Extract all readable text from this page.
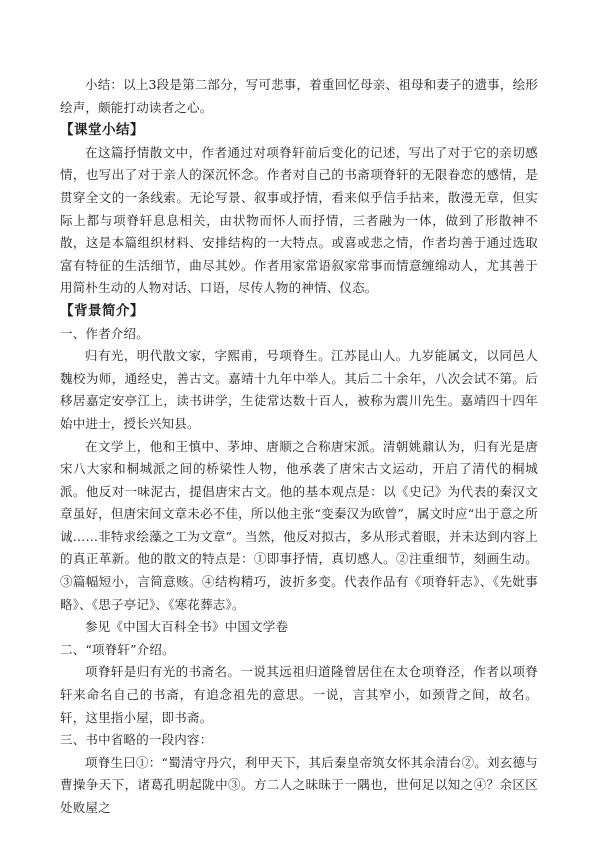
小结：以上3段是第二部分，写可悲事，着重回忆母亲、祖母和妻子的遗事，绘形绘声，颇能打动读者之心。

【课堂小结】

在这篇抒情散文中，作者通过对项脊轩前后变化的记述，写出了对于它的亲切感情，也写出了对于亲人的深沉怀念。作者对自己的书斋项脊轩的无限眷恋的感情，是贯穿全文的一条线索。无论写景、叙事或抒情，看来似乎信手拈来，散漫无章，但实际上都与项脊轩息息相关，由状物而怀人而抒情，三者融为一体，做到了形散神不散，这是本篇组织材料、安排结构的一大特点。或喜或悲之情，作者均善于通过选取富有特征的生活细节，曲尽其妙。作者用家常语叙家常事而情意缠绵动人，尤其善于用简朴生动的人物对话、口语，尽传人物的神情、仪态。

【背景简介】

一、作者介绍。

归有光，明代散文家，字熙甫，号项脊生。江苏昆山人。九岁能属文，以同邑人魏校为师，通经史，善古文。嘉靖十九年中举人。其后二十余年，八次会试不第。后移居嘉定安亭江上，读书讲学，生徒常达数十百人，被称为震川先生。嘉靖四十四年始中进士，授长兴知县。

在文学上，他和王慎中、茅坤、唐顺之合称唐宋派。清朝姚鼐认为，归有光是唐宋八大家和桐城派之间的桥梁性人物，他承袭了唐宋古文运动，开启了清代的桐城派。他反对一味泥古，提倡唐宋古文。他的基本观点是：以《史记》为代表的秦汉文章虽好，但唐宋间文章未必不佳，所以他主张“变秦汉为欧曾”，属文时应“出于意之所诚……非特求绘藻之工为文章”。当然，他反对拟古，多从形式着眼，并未达到内容上的真正革新。他的散文的特点是：①即事抒情，真切感人。②注重细节，刻画生动。③篇幅短小，言简意赅。④结构精巧，波折多变。代表作品有《项脊轩志》、《先妣事略》、《思子亭记》、《寒花葬志》。

参见《中国大百科全书》中国文学卷

二、“项脊轩”介绍。

项脊轩是归有光的书斋名。一说其远祖归道隆曾居住在太仓项脊泾，作者以项脊轩来命名自己的书斋，有追念祖先的意思。一说，言其窄小，如颈背之间，故名。轩，这里指小屋，即书斋。

三、书中省略的一段内容：

项脊生曰①：“蜀清守丹穴，利甲天下，其后秦皇帝筑女怀其余清台②。刘玄德与曹操争天下，诸葛孔明起陇中③。方二人之昧昧于一隅也，世何足以知之④？余区区处败屋之
